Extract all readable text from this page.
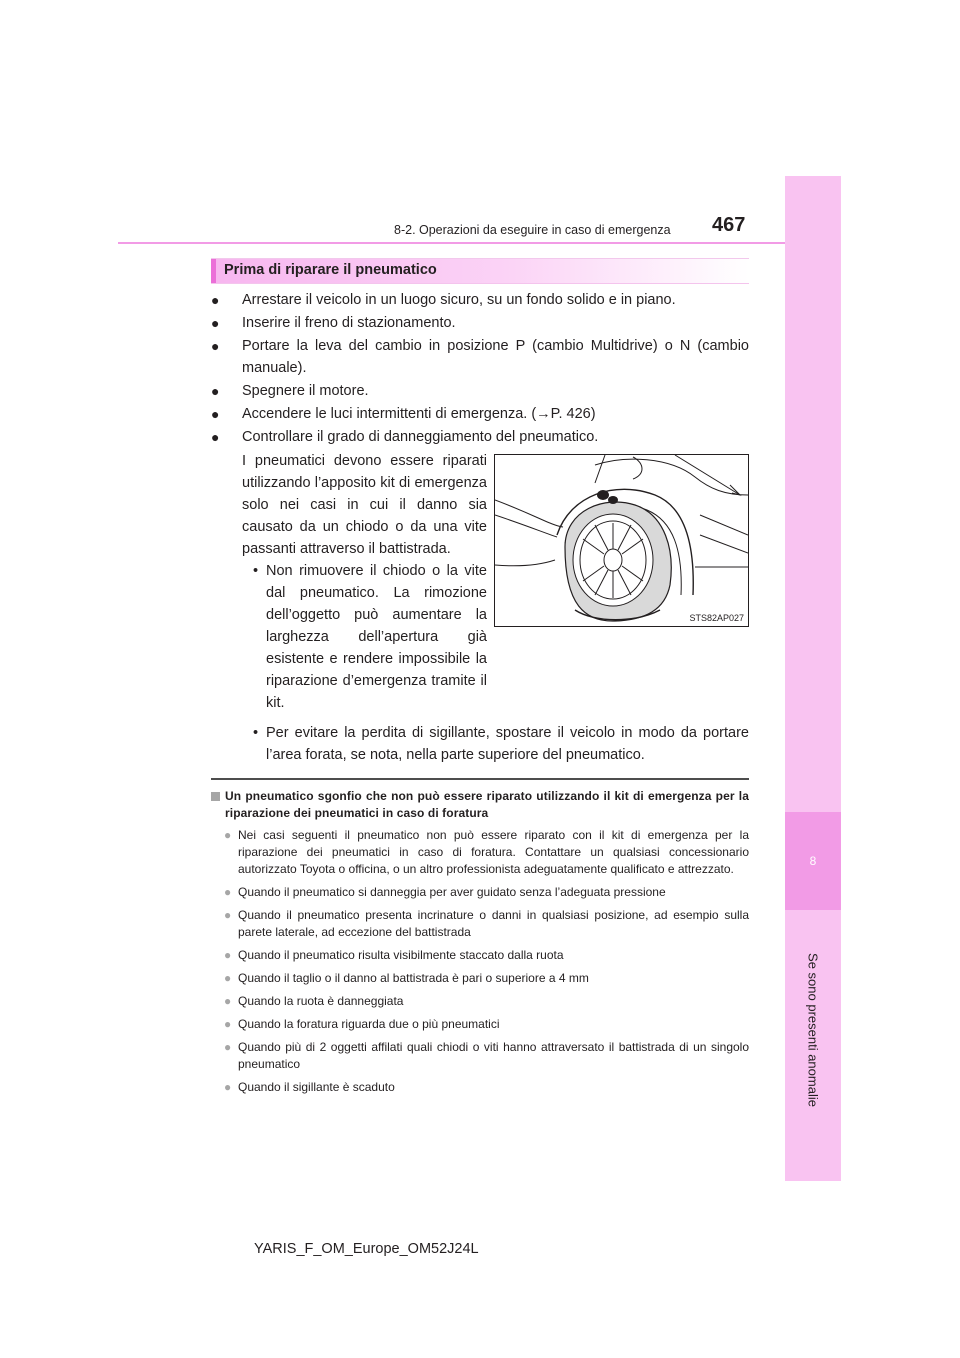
8
Se sono presenti anomalie
8-2. Operazioni da eseguire in caso di emergenza 467
Prima di riparare il pneumatico
● Arrestare il veicolo in un luogo sicuro, su un fondo solido e in piano.
● Inserire il freno di stazionamento.
● Portare la leva del cambio in posizione P (cambio Multidrive) o N (cambio manuale).
● Spegnere il motore.
● Accendere le luci intermittenti di emergenza. (→P. 426)
● Controllare il grado di danneggiamento del pneumatico.
I pneumatici devono essere riparati utilizzando l’apposito kit di emergenza solo nei casi in cui il danno sia causato da un chiodo o da una vite passanti attraverso il battistrada.
• Non rimuovere il chiodo o la vite dal pneumatico. La rimozione dell’oggetto può aumentare la larghezza dell’apertura già esistente e rendere impossibile la riparazione d’emergenza tramite il kit.
STS82AP027
• Per evitare la perdita di sigillante, spostare il veicolo in modo da portare l’area forata, se nota, nella parte superiore del pneumatico.
Un pneumatico sgonfio che non può essere riparato utilizzando il kit di emergenza per la riparazione dei pneumatici in caso di foratura
● Nei casi seguenti il pneumatico non può essere riparato con il kit di emergenza per la riparazione dei pneumatici in caso di foratura. Contattare un qualsiasi concessionario autorizzato Toyota o officina, o un altro professionista adeguatamente qualificato e attrezzato.
● Quando il pneumatico si danneggia per aver guidato senza l’adeguata pressione
● Quando il pneumatico presenta incrinature o danni in qualsiasi posizione, ad esempio sulla parete laterale, ad eccezione del battistrada
● Quando il pneumatico risulta visibilmente staccato dalla ruota
● Quando il taglio o il danno al battistrada è pari o superiore a 4 mm
● Quando la ruota è danneggiata
● Quando la foratura riguarda due o più pneumatici
● Quando più di 2 oggetti affilati quali chiodi o viti hanno attraversato il battistrada di un singolo pneumatico
● Quando il sigillante è scaduto
YARIS_F_OM_Europe_OM52J24L
